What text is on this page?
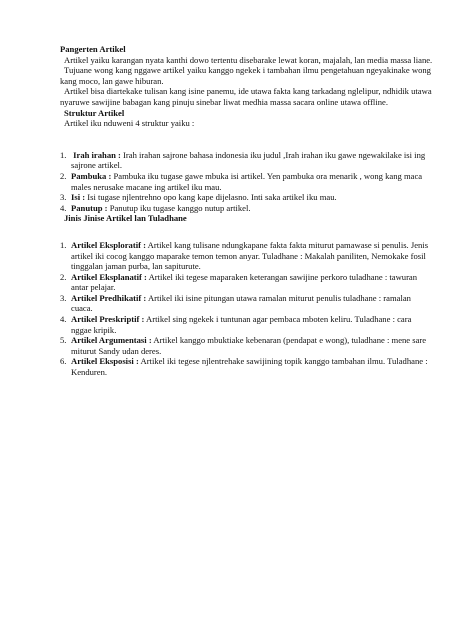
Pangerten Artikel

Artikel yaiku karangan nyata kanthi dowo tertentu disebarake lewat koran, majalah, lan media massa liane.

Tujuane wong kang nggawe artikel yaiku kanggo ngekek i tambahan ilmu pengetahuan ngeyakinake wong kang moco, lan gawe hiburan.

Artikel bisa diartekake tulisan kang isine panemu, ide utawa fakta kang tarkadang nglelipur, ndhidik utawa nyaruwe sawijine babagan kang pinuju sinebar liwat medhia massa sacara online utawa offline.

Struktur Artikel

Artikel iku nduweni 4 struktur yaiku :

1. Irah irahan : Irah irahan sajrone bahasa indonesia iku judul ,Irah irahan iku gawe ngewakilake isi ing sajrone artikel.
2. Pambuka : Pambuka iku tugase gawe mbuka isi artikel. Yen pambuka ora menarik , wong kang maca males nerusake macane ing artikel iku mau.
3. Isi : Isi tugase njlentrehno opo kang kape dijelasno. Inti saka artikel iku mau.
4. Panutup : Panutup iku tugase kanggo nutup artikel.
Jinis Jinise Artikel lan Tuladhane
1. Artikel Eksploratif : Artikel kang tulisane ndungkapane fakta fakta miturut pamawase si penulis. Jenis artikel iki cocog kanggo maparake temon temon anyar. Tuladhane : Makalah paniliten, Nemokake fosil tinggalan jaman purba, lan sapiturute.
2. Artikel Eksplanatif : Artikel iki tegese maparaken keterangan sawijine perkoro tuladhane : tawuran antar pelajar.
3. Artikel Predhikatif : Artikel iki isine pitungan utawa ramalan miturut penulis tuladhane : ramalan cuaca.
4. Artikel Preskriptif : Artikel sing ngekek i tuntunan agar pembaca mboten keliru. Tuladhane : cara nggae kripik.
5. Artikel Argumentasi : Artikel kanggo mbuktiake kebenaran (pendapat e wong), tuladhane : mene sare miturut Sandy udan deres.
6. Artikel Eksposisi : Artikel iki tegese njlentrehake sawijining topik kanggo tambahan ilmu. Tuladhane : Kenduren.
